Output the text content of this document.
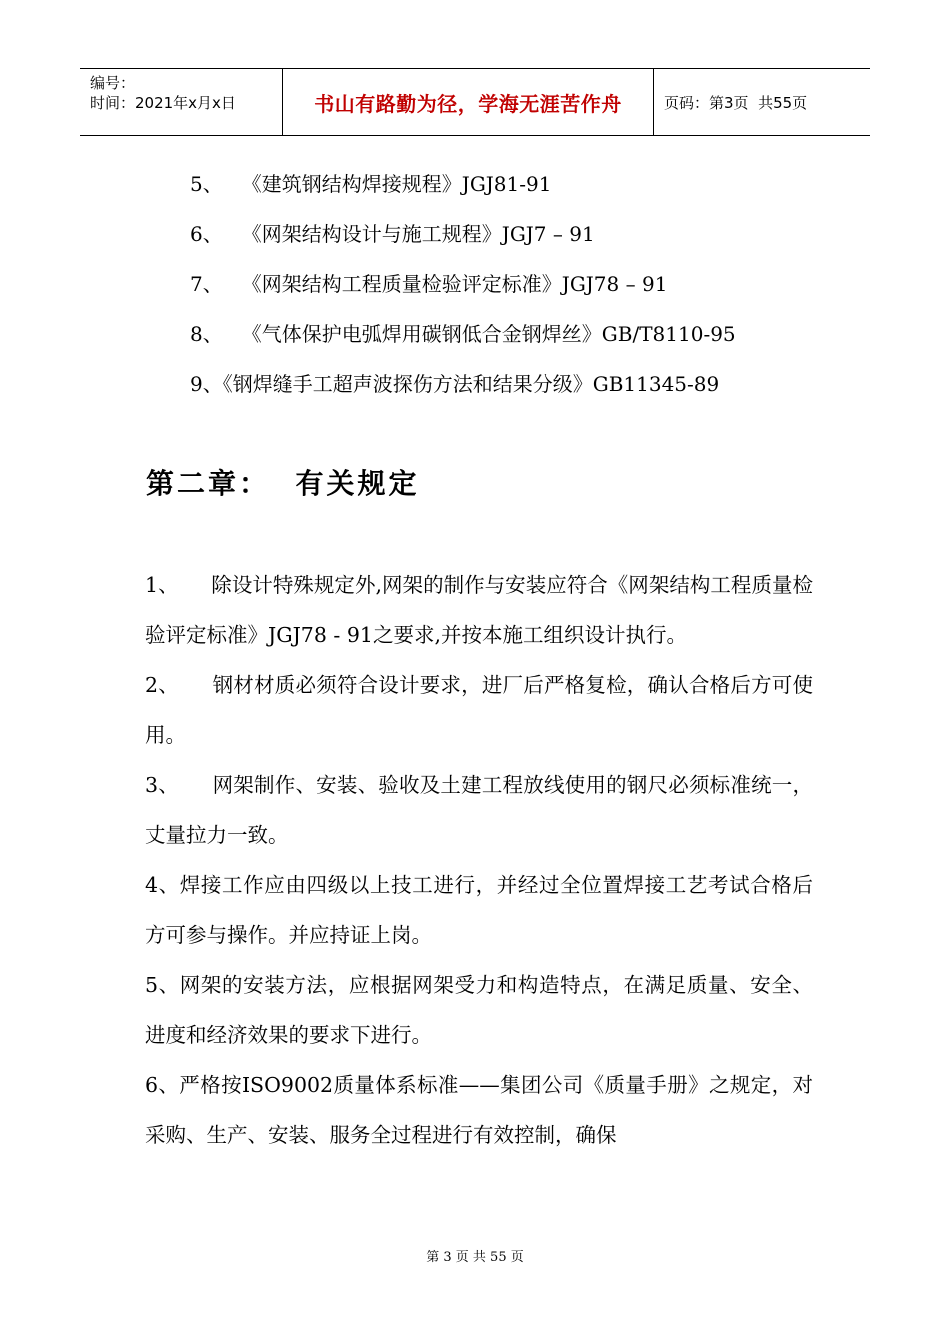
编号：
时间：2021年x月x日	书山有路勤为径，学海无涯苦作舟	页码：第3页  共55页
5、   《建筑钢结构焊接规程》JGJ81-91
6、   《网架结构设计与施工规程》JGJ7 – 91
7、   《网架结构工程质量检验评定标准》JGJ78 – 91
8、   《气体保护电弧焊用碳钢低合金钢焊丝》GB/T8110-95
9、《钢焊缝手工超声波探伤方法和结果分级》GB11345-89
第二章：  有关规定

1、     除设计特殊规定外,网架的制作与安装应符合《网架结构工程质量检验评定标准》JGJ78 - 91之要求,并按本施工组织设计执行。

2、     钢材材质必须符合设计要求，进厂后严格复检，确认合格后方可使用。

3、     网架制作、安装、验收及土建工程放线使用的钢尺必须标准统一，丈量拉力一致。

4、焊接工作应由四级以上技工进行，并经过全位置焊接工艺考试合格后方可参与操作。并应持证上岗。

5、网架的安装方法，应根据网架受力和构造特点，在满足质量、安全、进度和经济效果的要求下进行。

6、严格按ISO9002质量体系标准——集团公司《质量手册》之规定，对采购、生产、安装、服务全过程进行有效控制，确保

第 3 页 共 55 页
